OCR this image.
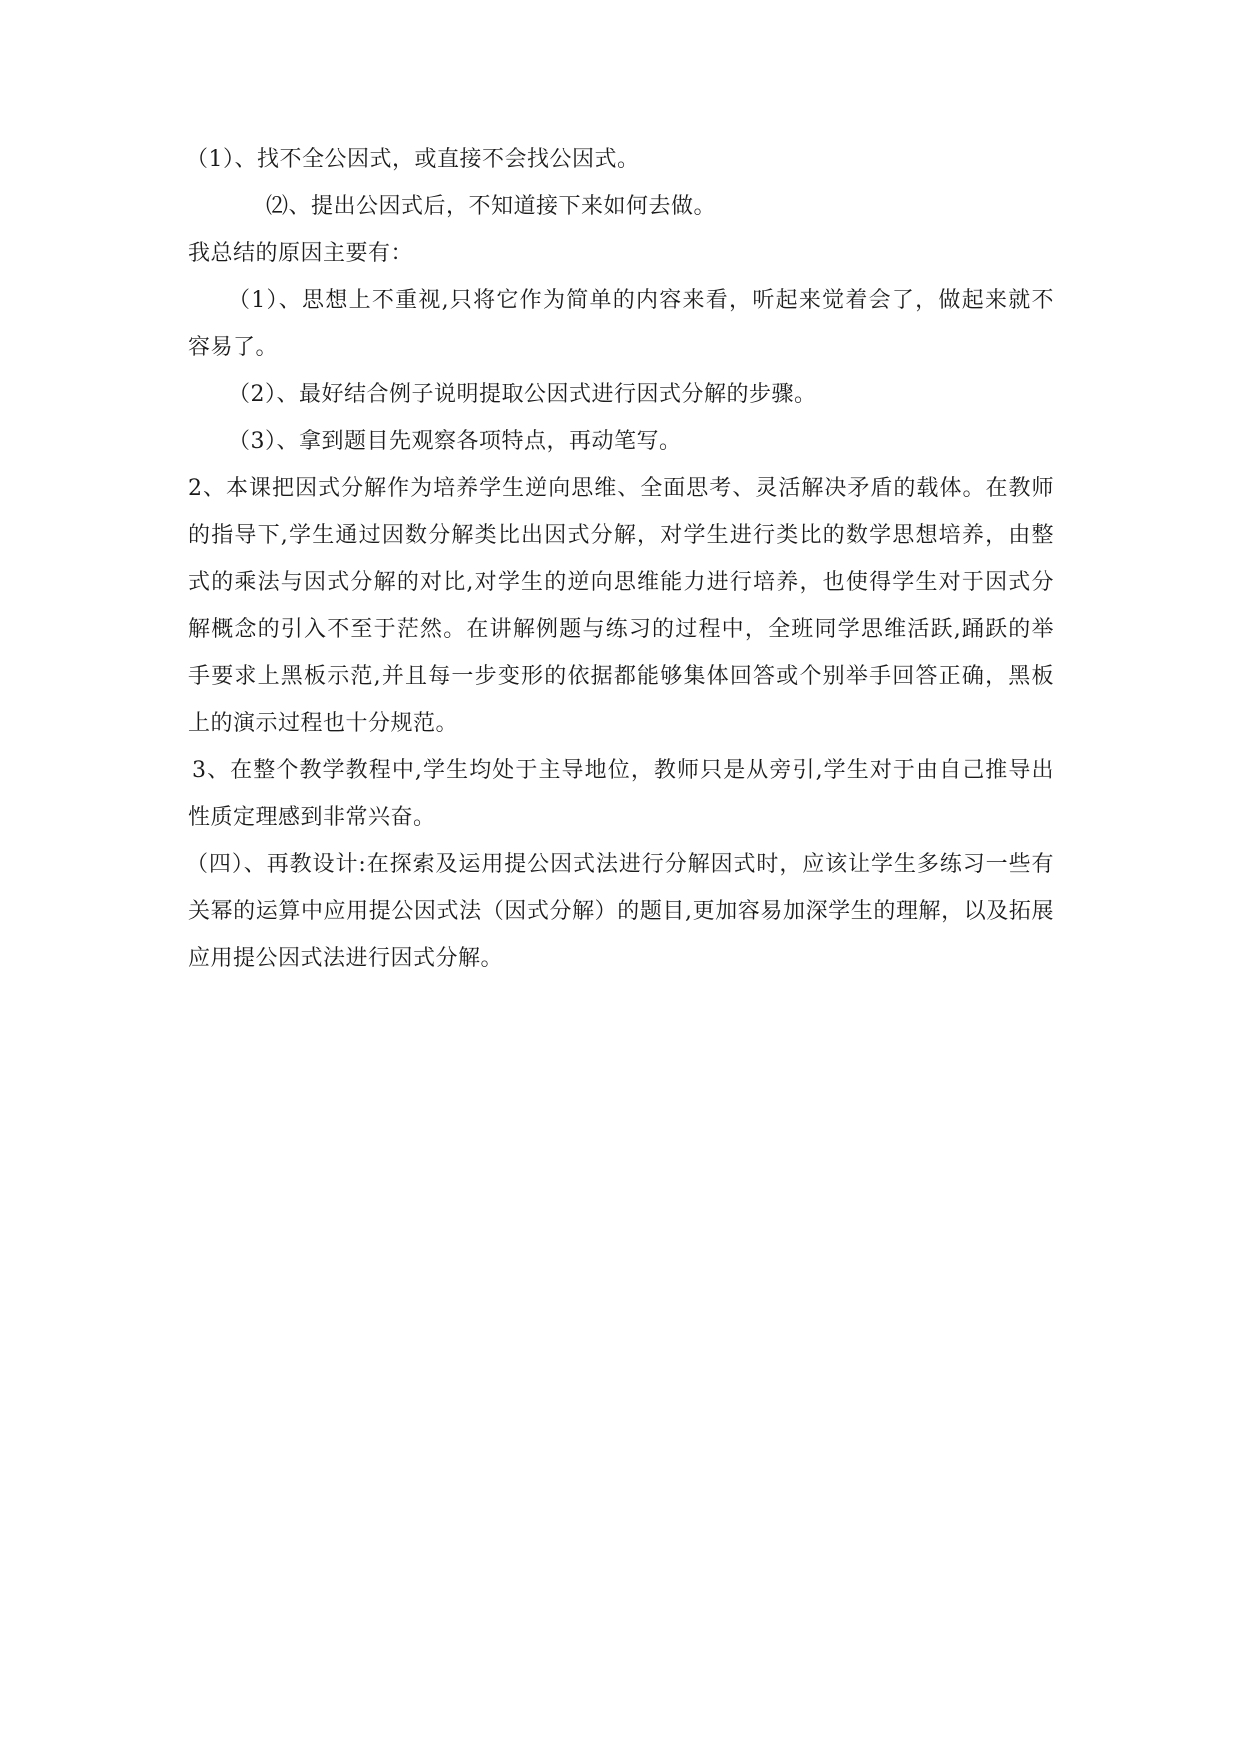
（1）、找不全公因式，或直接不会找公因式。
⑵、提出公因式后，不知道接下来如何去做。
我总结的原因主要有：
（1）、思想上不重视,只将它作为简单的内容来看，听起来觉着会了，做起来就不
容易了。
（2）、最好结合例子说明提取公因式进行因式分解的步骤。
（3）、拿到题目先观察各项特点，再动笔写。
2、本课把因式分解作为培养学生逆向思维、全面思考、灵活解决矛盾的载体。在教师
的指导下,学生通过因数分解类比出因式分解，对学生进行类比的数学思想培养，由整
式的乘法与因式分解的对比,对学生的逆向思维能力进行培养，也使得学生对于因式分
解概念的引入不至于茫然。在讲解例题与练习的过程中，全班同学思维活跃,踊跃的举
手要求上黑板示范,并且每一步变形的依据都能够集体回答或个别举手回答正确，黑板
上的演示过程也十分规范。
3、在整个教学教程中,学生均处于主导地位，教师只是从旁引,学生对于由自己推导出
性质定理感到非常兴奋。
（四）、再教设计:在探索及运用提公因式法进行分解因式时，应该让学生多练习一些有
关幂的运算中应用提公因式法（因式分解）的题目,更加容易加深学生的理解，以及拓展
应用提公因式法进行因式分解。
